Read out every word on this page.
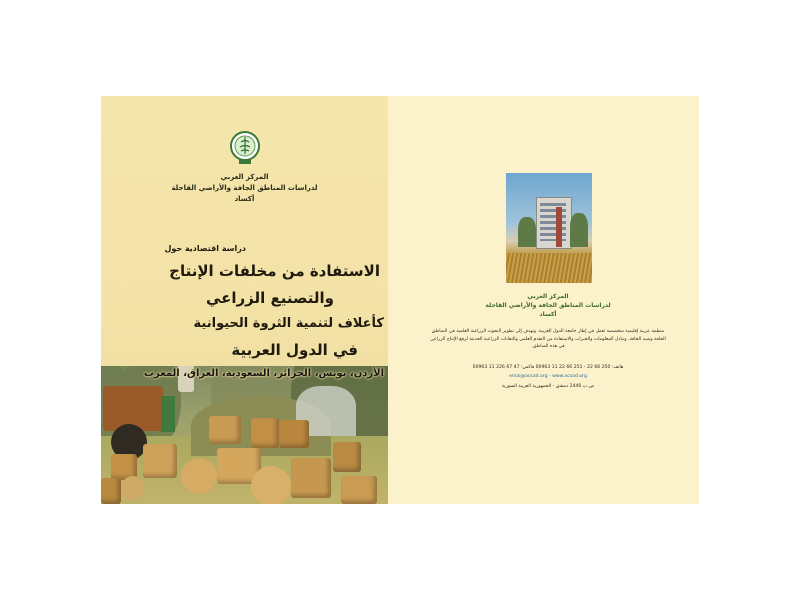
المركز العربي
لدراسات المناطق الجافة والأراضي القاحلة
أكساد
دراسة اقتصادية حول
الاستفادة من مخلفات الإنتاج
والتصنيع الزراعي
كأعلاف لتنمية الثروة الحيوانية
في الدول العربية
الأردن، تونس، الجزائر، السعودية، العراق، المغرب
المركز العربي
لدراسات المناطق الجافة والأراضي القاحلة
أكساد
منظمة عربية إقليمية متخصصة تعمل في إطار جامعة الدول العربية، وتهدف إلى تطوير البحوث الزراعية العلمية في المناطق الجافة وشبه الجافة، وتبادل المعلومات والخبرات والاستفادة من التقدم العلمي والتقانات الزراعية الحديثة لرفع الإنتاج الزراعي في هذه المناطق.
هاتف: 250 66 22 - 251 66 22 11 00963 فاكس: 47 67 226 11 00963
emai@acsad.org - www.acsad.org
ص.ب 2440 دمشق - الجمهورية العربية السورية
